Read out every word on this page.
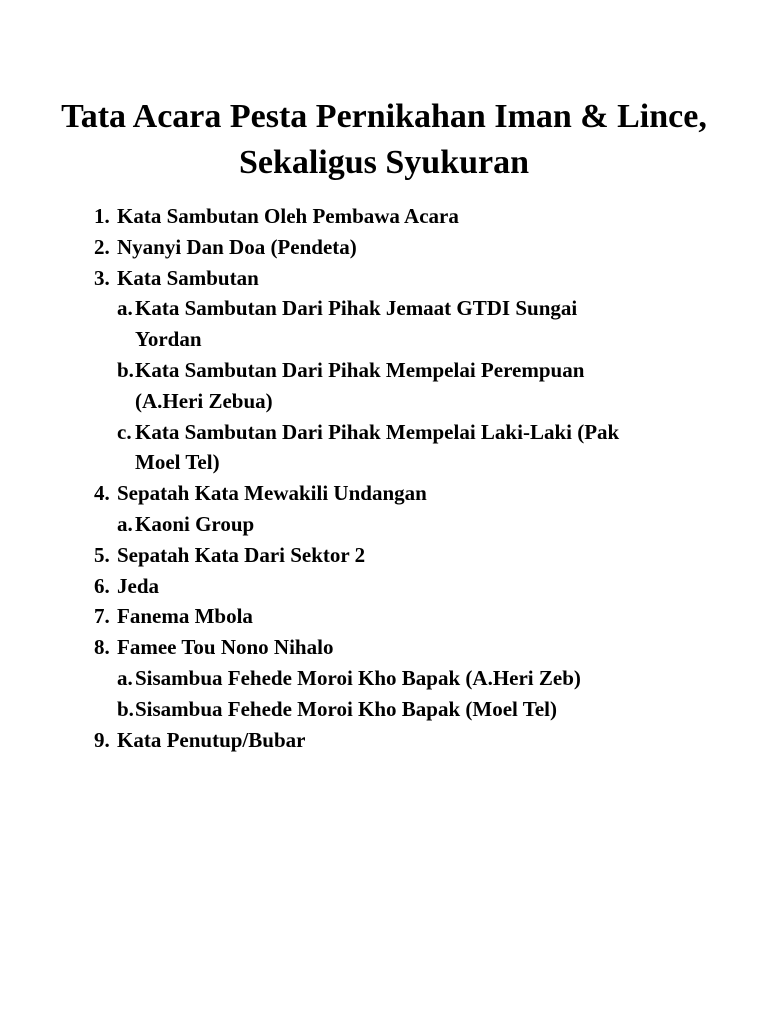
Tata Acara Pesta Pernikahan Iman & Lince, Sekaligus Syukuran
1. Kata Sambutan Oleh Pembawa Acara
2. Nyanyi Dan Doa (Pendeta)
3. Kata Sambutan
a. Kata Sambutan Dari Pihak Jemaat GTDI Sungai Yordan
b. Kata Sambutan Dari Pihak Mempelai Perempuan (A.Heri Zebua)
c. Kata Sambutan Dari Pihak Mempelai Laki-Laki (Pak Moel Tel)
4. Sepatah Kata Mewakili Undangan
a. Kaoni Group
5. Sepatah Kata Dari Sektor 2
6. Jeda
7. Fanema Mbola
8. Famee Tou Nono Nihalo
a. Sisambua Fehede Moroi Kho Bapak (A.Heri Zeb)
b. Sisambua Fehede Moroi Kho Bapak (Moel Tel)
9. Kata Penutup/Bubar
